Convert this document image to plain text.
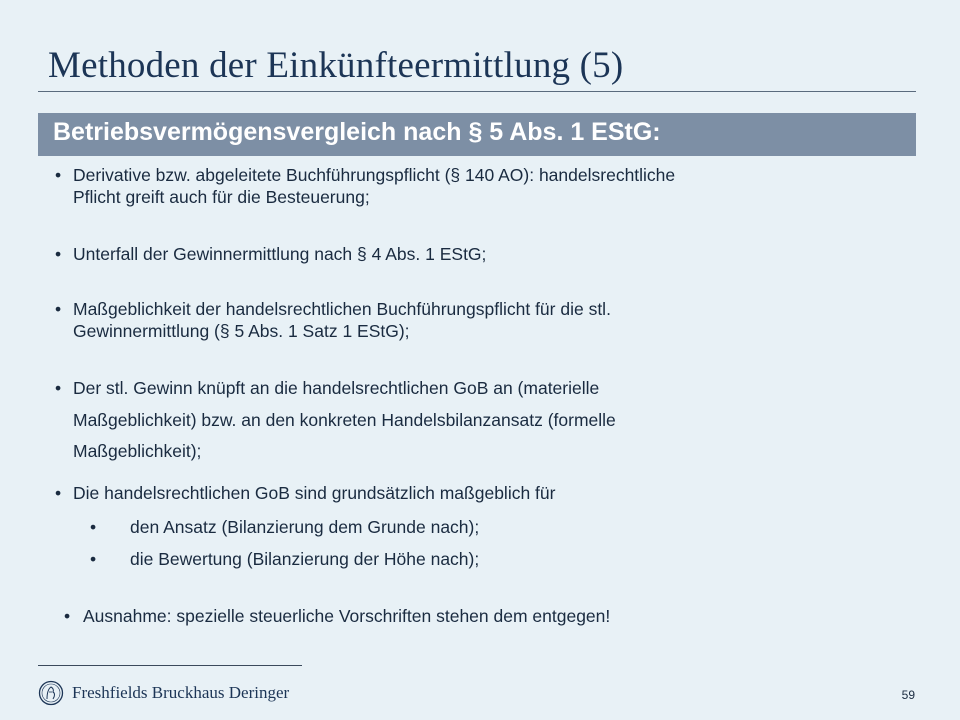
Methoden der Einkünfteermittlung (5)
Betriebsvermögensvergleich nach § 5 Abs. 1 EStG:
• Derivative bzw. abgeleitete Buchführungspflicht (§ 140 AO): handelsrechtliche
Pflicht greift auch für die Besteuerung;
• Unterfall der Gewinnermittlung nach § 4 Abs. 1 EStG;
• Maßgeblichkeit der handelsrechtlichen Buchführungspflicht für die stl.
Gewinnermittlung (§ 5 Abs. 1 Satz 1 EStG);
• Der stl. Gewinn knüpft an die handelsrechtlichen GoB an (materielle
Maßgeblichkeit) bzw. an den konkreten Handelsbilanzansatz (formelle
Maßgeblichkeit);
• Die handelsrechtlichen GoB sind grundsätzlich maßgeblich für
• den Ansatz (Bilanzierung dem Grunde nach);
• die Bewertung (Bilanzierung der Höhe nach);
• Ausnahme: spezielle steuerliche Vorschriften stehen dem entgegen!
Freshfields Bruckhaus Deringer	59
